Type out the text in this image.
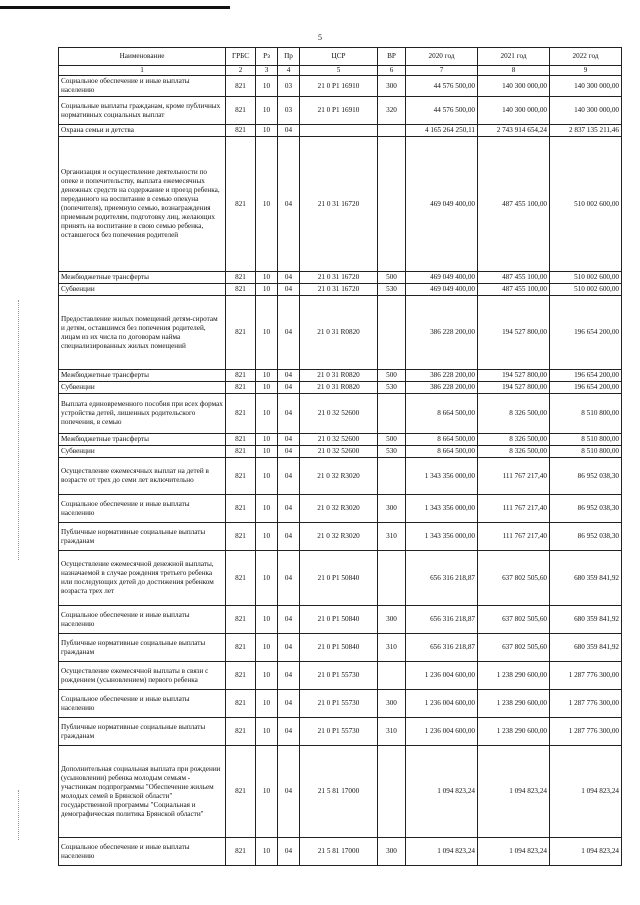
5
Наименование	ГРБС	Рз	Пр	ЦСР	ВР	2020 год	2021 год	2022 год
1	2	3	4	5	6	7	8	9
Социальное обеспечение и иные выплаты населению	821	10	03	21 0 P1 16910	300	44 576 500,00	140 300 000,00	140 300 000,00
Социальные выплаты гражданам, кроме публичных нормативных социальных выплат	821	10	03	21 0 P1 16910	320	44 576 500,00	140 300 000,00	140 300 000,00
Охрана семьи и детства	821	10	04			4 165 264 250,11	2 743 914 654,24	2 837 135 211,46
Организация и осуществление деятельности по опеке и попечительству, выплата ежемесячных денежных средств на содержание и проезд ребенка, переданного на воспитание в семью опекуна (попечителя), приемную семью, вознаграждения приемным родителям, подготовку лиц, желающих принять на воспитание в свою семью ребенка, оставшегося без попечения родителей	821	10	04	21 0 31 16720		469 049 400,00	487 455 100,00	510 002 600,00
Межбюджетные трансферты	821	10	04	21 0 31 16720	500	469 049 400,00	487 455 100,00	510 002 600,00
Субвенции	821	10	04	21 0 31 16720	530	469 049 400,00	487 455 100,00	510 002 600,00
Предоставление жилых помещений детям-сиротам и детям, оставшимся без попечения родителей, лицам из их числа по договорам найма специализированных жилых помещений	821	10	04	21 0 31 R0820		386 228 200,00	194 527 800,00	196 654 200,00
Межбюджетные трансферты	821	10	04	21 0 31 R0820	500	386 228 200,00	194 527 800,00	196 654 200,00
Субвенции	821	10	04	21 0 31 R0820	530	386 228 200,00	194 527 800,00	196 654 200,00
Выплата единовременного пособия при всех формах устройства детей, лишенных родительского попечения, в семью	821	10	04	21 0 32 52600		8 664 500,00	8 326 500,00	8 510 800,00
Межбюджетные трансферты	821	10	04	21 0 32 52600	500	8 664 500,00	8 326 500,00	8 510 800,00
Субвенции	821	10	04	21 0 32 52600	530	8 664 500,00	8 326 500,00	8 510 800,00
Осуществление ежемесячных выплат на детей в возрасте от трех до семи лет включительно	821	10	04	21 0 32 R3020		1 343 356 000,00	111 767 217,40	86 952 038,30
Социальное обеспечение и иные выплаты населению	821	10	04	21 0 32 R3020	300	1 343 356 000,00	111 767 217,40	86 952 038,30
Публичные нормативные социальные выплаты гражданам	821	10	04	21 0 32 R3020	310	1 343 356 000,00	111 767 217,40	86 952 038,30
Осуществление ежемесячной денежной выплаты, назначаемой в случае рождения третьего ребенка или последующих детей до достижения ребенком возраста трех лет	821	10	04	21 0 P1 50840		656 316 218,87	637 802 505,60	680 359 841,92
Социальное обеспечение и иные выплаты населению	821	10	04	21 0 P1 50840	300	656 316 218,87	637 802 505,60	680 359 841,92
Публичные нормативные социальные выплаты гражданам	821	10	04	21 0 P1 50840	310	656 316 218,87	637 802 505,60	680 359 841,92
Осуществление ежемесячной выплаты в связи с рождением (усыновлением) первого ребенка	821	10	04	21 0 P1 55730		1 236 004 600,00	1 238 290 600,00	1 287 776 300,00
Социальное обеспечение и иные выплаты населению	821	10	04	21 0 P1 55730	300	1 236 004 600,00	1 238 290 600,00	1 287 776 300,00
Публичные нормативные социальные выплаты гражданам	821	10	04	21 0 P1 55730	310	1 236 004 600,00	1 238 290 600,00	1 287 776 300,00
Дополнительная социальная выплата при рождении (усыновлении) ребенка молодым семьям - участникам подпрограммы "Обеспечение жильем молодых семей в Брянской области" государственной программы "Социальная и демографическая политика Брянской области"	821	10	04	21 5 81 17000		1 094 823,24	1 094 823,24	1 094 823,24
Социальное обеспечение и иные выплаты населению	821	10	04	21 5 81 17000	300	1 094 823,24	1 094 823,24	1 094 823,24
